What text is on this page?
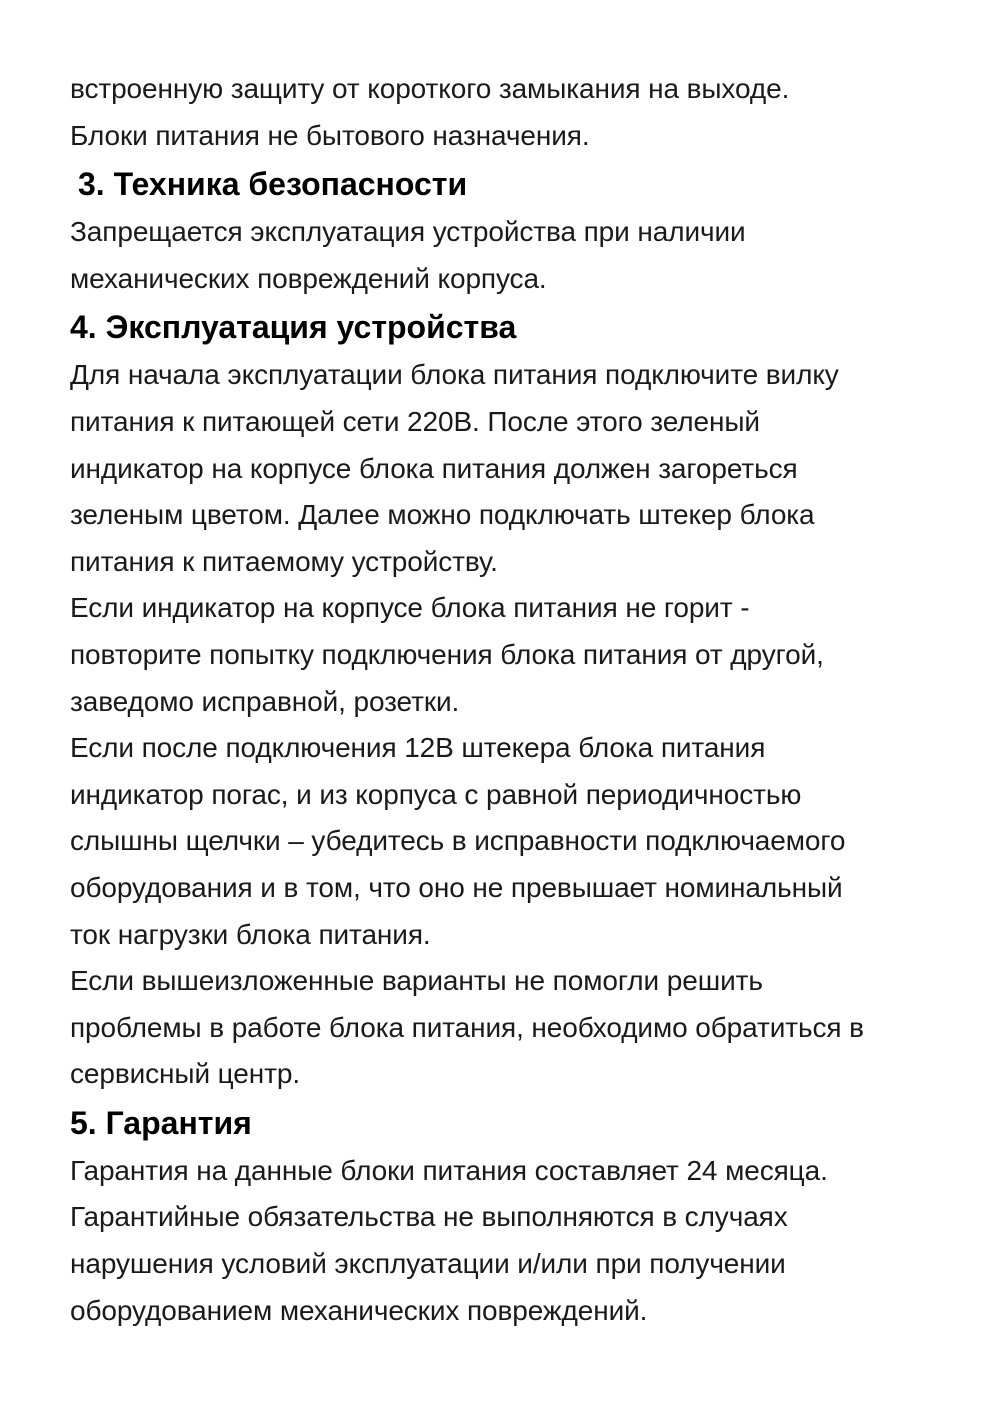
встроенную защиту от короткого замыкания на выходе.
Блоки питания не бытового назначения.
3. Техника безопасности
Запрещается эксплуатация устройства при наличии
механических повреждений корпуса.
4. Эксплуатация устройства
Для начала эксплуатации блока питания подключите вилку
питания к питающей сети 220В. После этого зеленый
индикатор на корпусе блока питания должен загореться
зеленым цветом. Далее можно подключать штекер блока
питания к питаемому устройству.
Если индикатор на корпусе блока питания не горит -
повторите попытку подключения блока питания от другой,
заведомо исправной, розетки.
Если после подключения 12В штекера блока питания
индикатор погас, и из корпуса с равной периодичностью
слышны щелчки – убедитесь в исправности подключаемого
оборудования и в том, что оно не превышает номинальный
ток нагрузки блока питания.
Если вышеизложенные варианты не помогли решить
проблемы в работе блока питания, необходимо обратиться в
сервисный центр.
5. Гарантия
Гарантия на данные блоки питания составляет 24 месяца.
Гарантийные обязательства не выполняются в случаях
нарушения условий эксплуатации и/или при получении
оборудованием механических повреждений.
